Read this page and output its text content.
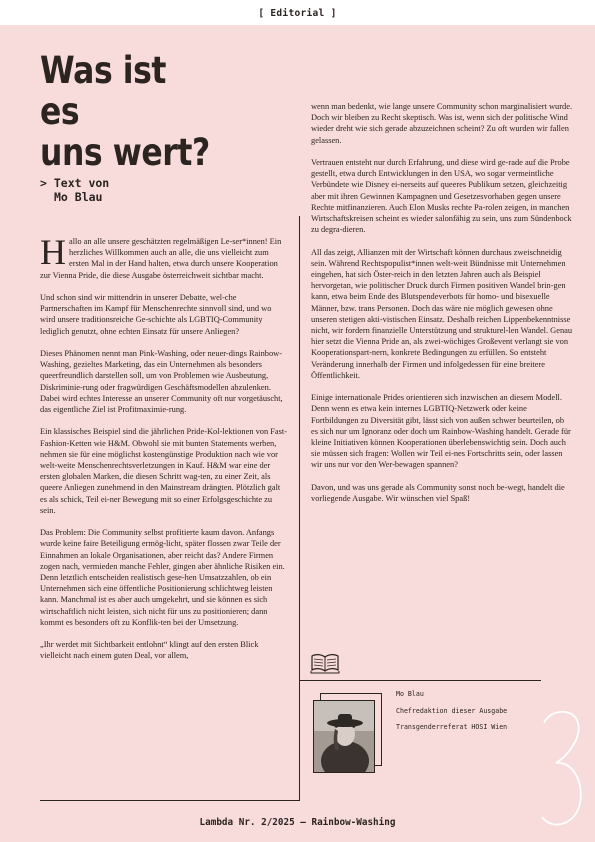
[ Editorial ]
Was ist es
uns wert?
> Text von
Mo Blau

Hallo an alle unsere geschätzten regelmäßigen Le-ser*innen! Ein herzliches Willkommen auch an alle, die uns vielleicht zum ersten Mal in der Hand halten, etwa durch unsere Kooperation zur Vienna Pride, die diese Ausgabe österreichweit sichtbar macht.

Und schon sind wir mittendrin in unserer Debatte, wel-che Partnerschaften im Kampf für Menschenrechte sinnvoll sind, und wo wird unsere traditionsreiche Ge-schichte als LGBTIQ-Community lediglich genutzt, ohne echten Einsatz für unsere Anliegen?

Dieses Phänomen nennt man Pink-Washing, oder neuer-dings Rainbow-Washing, gezieltes Marketing, das ein Unternehmen als besonders queerfreundlich darstellen soll, um von Problemen wie Ausbeutung, Diskriminie-rung oder fragwürdigen Geschäftsmodellen abzulenken. Dabei wird echtes Interesse an unserer Community oft nur vorgetäuscht, das eigentliche Ziel ist Profitmaximie-rung.

Ein klassisches Beispiel sind die jährlichen Pride-Kol-lektionen von Fast-Fashion-Ketten wie H&M. Obwohl sie mit bunten Statements werben, nehmen sie für eine möglichst kostengünstige Produktion nach wie vor welt-weite Menschenrechtsverletzungen in Kauf. H&M war eine der ersten globalen Marken, die diesen Schritt wag-ten, zu einer Zeit, als queere Anliegen zunehmend in den Mainstream drängten. Plötzlich galt es als schick, Teil ei-ner Bewegung mit so einer Erfolgsgeschichte zu sein.

Das Problem: Die Community selbst profitierte kaum davon. Anfangs wurde keine faire Beteiligung ermög-licht, später flossen zwar Teile der Einnahmen an lokale Organisationen, aber reicht das? Andere Firmen zogen nach, vermieden manche Fehler, gingen aber ähnliche Risiken ein. Denn letztlich entscheiden realistisch gese-hen Umsatzzahlen, ob ein Unternehmen sich eine öffentliche Positionierung schlichtweg leisten kann. Manchmal ist es aber auch umgekehrt, und sie können es sich wirtschaftlich nicht leisten, sich nicht für uns zu positionieren; dann kommt es besonders oft zu Konflik-ten bei der Umsetzung.

„Ihr werdet mit Sichtbarkeit entlohnt“ klingt auf den ersten Blick vielleicht nach einem guten Deal, vor allem,

wenn man bedenkt, wie lange unsere Community schon marginalisiert wurde. Doch wir bleiben zu Recht skeptisch. Was ist, wenn sich der politische Wind wieder dreht wie sich gerade abzuzeichnen scheint? Zu oft wurden wir fallen gelassen.

Vertrauen entsteht nur durch Erfahrung, und diese wird ge-rade auf die Probe gestellt, etwa durch Entwicklungen in den USA, wo sogar vermeintliche Verbündete wie Disney ei-nerseits auf queeres Publikum setzen, gleichzeitig aber mit ihren Gewinnen Kampagnen und Gesetzesvorhaben gegen unsere Rechte mitfinanzieren. Auch Elon Musks rechte Pa-rolen zeigen, in manchen Wirtschaftskreisen scheint es wieder salonfähig zu sein, uns zum Sündenbock zu degra-dieren.

All das zeigt, Allianzen mit der Wirtschaft können durchaus zweischneidig sein. Während Rechtspopulist*innen welt-weit Bündnisse mit Unternehmen eingehen, hat sich Öster-reich in den letzten Jahren auch als Beispiel hervorgetan, wie politischer Druck durch Firmen positiven Wandel brin-gen kann, etwa beim Ende des Blutspendeverbots für homo- und bisexuelle Männer, bzw. trans Personen. Doch das wäre nie möglich gewesen ohne unseren stetigen akti-vistischen Einsatz. Deshalb reichen Lippenbekenntnisse nicht, wir fordern finanzielle Unterstützung und strukturel-len Wandel. Genau hier setzt die Vienna Pride an, als zwei-wöchiges Großevent verlangt sie von Kooperationspart-nern, konkrete Bedingungen zu erfüllen. So entsteht Veränderung innerhalb der Firmen und infolgedessen für eine breitere Öffentlichkeit.

Einige internationale Prides orientieren sich inzwischen an diesem Modell. Denn wenn es etwa kein internes LGBTIQ-Netzwerk oder keine Fortbildungen zu Diversität gibt, lässt sich von außen schwer beurteilen, ob es sich nur um Ignoranz oder doch um Rainbow-Washing handelt. Gerade für kleine Initiativen können Kooperationen überlebenswichtig sein. Doch auch sie müssen sich fragen: Wollen wir Teil ei-nes Fortschritts sein, oder lassen wir uns nur vor den Wer-bewagen spannen?

Davon, und was uns gerade als Community sonst noch be-wegt, handelt die vorliegende Ausgabe. Wir wünschen viel Spaß!

Mo Blau
Chefredaktion dieser Ausgabe
Transgenderreferat HOSI Wien
3
Lambda Nr. 2/2025 – Rainbow-Washing
